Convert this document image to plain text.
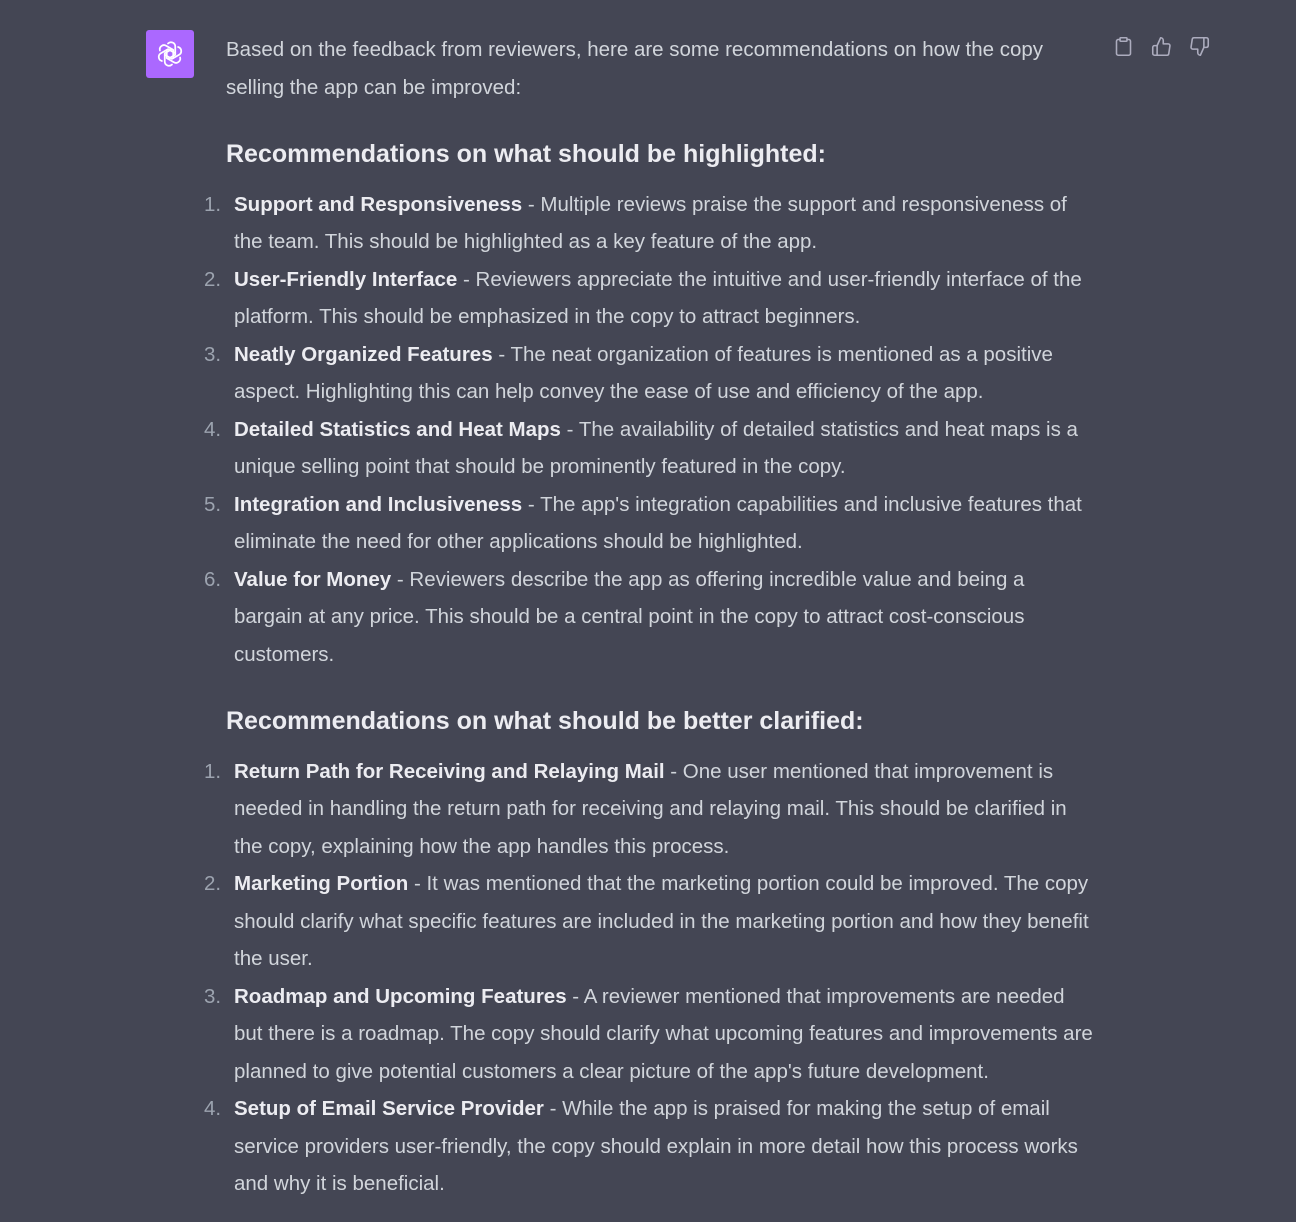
Based on the feedback from reviewers, here are some recommendations on how the copy selling the app can be improved:

Recommendations on what should be highlighted:
1. Support and Responsiveness - Multiple reviews praise the support and responsiveness of the team. This should be highlighted as a key feature of the app.
2. User-Friendly Interface - Reviewers appreciate the intuitive and user-friendly interface of the platform. This should be emphasized in the copy to attract beginners.
3. Neatly Organized Features - The neat organization of features is mentioned as a positive aspect. Highlighting this can help convey the ease of use and efficiency of the app.
4. Detailed Statistics and Heat Maps - The availability of detailed statistics and heat maps is a unique selling point that should be prominently featured in the copy.
5. Integration and Inclusiveness - The app's integration capabilities and inclusive features that eliminate the need for other applications should be highlighted.
6. Value for Money - Reviewers describe the app as offering incredible value and being a bargain at any price. This should be a central point in the copy to attract cost-conscious customers.
Recommendations on what should be better clarified:
1. Return Path for Receiving and Relaying Mail - One user mentioned that improvement is needed in handling the return path for receiving and relaying mail. This should be clarified in the copy, explaining how the app handles this process.
2. Marketing Portion - It was mentioned that the marketing portion could be improved. The copy should clarify what specific features are included in the marketing portion and how they benefit the user.
3. Roadmap and Upcoming Features - A reviewer mentioned that improvements are needed but there is a roadmap. The copy should clarify what upcoming features and improvements are planned to give potential customers a clear picture of the app's future development.
4. Setup of Email Service Provider - While the app is praised for making the setup of email service providers user-friendly, the copy should explain in more detail how this process works and why it is beneficial.
